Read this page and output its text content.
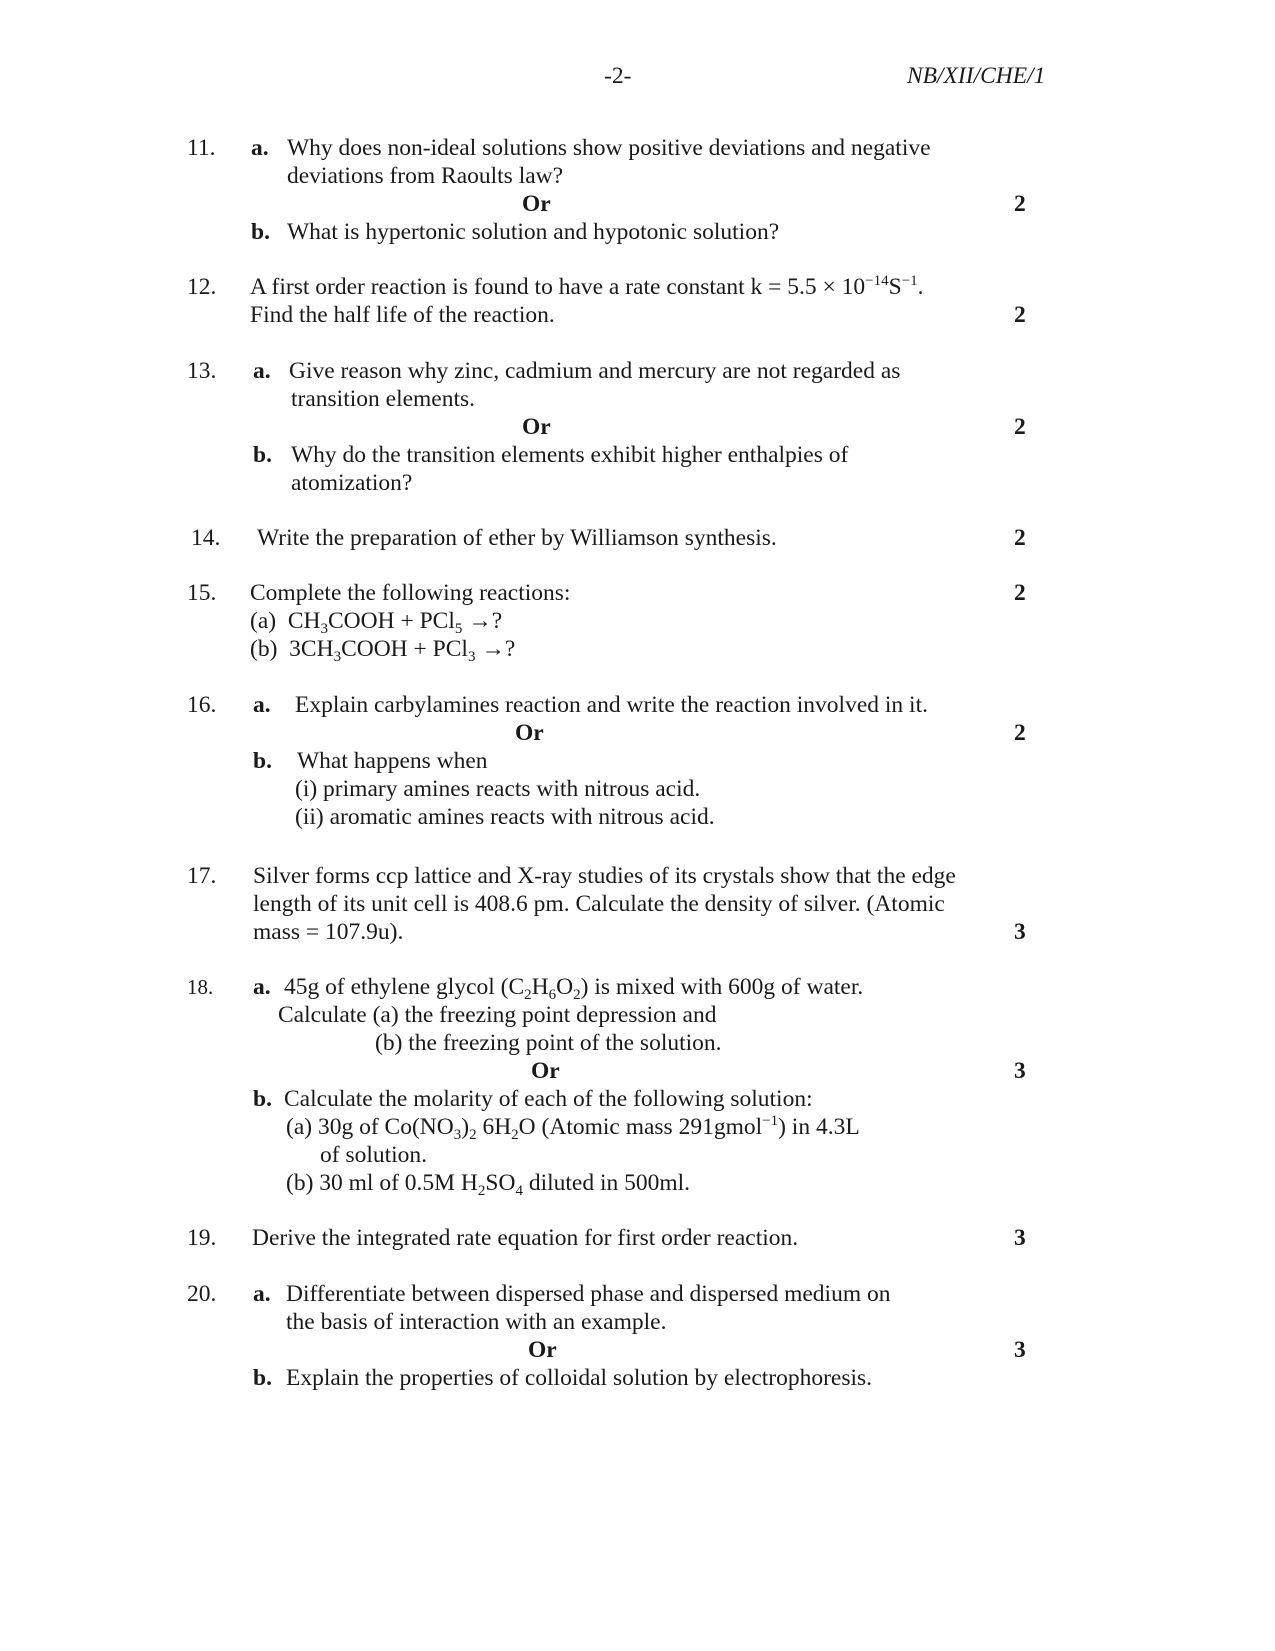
-2-	NB/XII/CHE/1
11. a. Why does non-ideal solutions show positive deviations and negative
deviations from Raoults law?
Or	2
b. What is hypertonic solution and hypotonic solution?
12. A first order reaction is found to have a rate constant $k = 5.5 \times 10^{-14}S^{-1}$.
Find the half life of the reaction.	2
13. a. Give reason why zinc, cadmium and mercury are not regarded as
transition elements.
Or	2
b. Why do the transition elements exhibit higher enthalpies of
atomization?
14. Write the preparation of ether by Williamson synthesis.	2
15. Complete the following reactions:	2
(a) $CH_3COOH + PCl_5$ →?
(b) $3CH_3COOH + PCl_3$ →?
16. a. Explain carbylamines reaction and write the reaction involved in it.
Or	2
b. What happens when
(i) primary amines reacts with nitrous acid.
(ii) aromatic amines reacts with nitrous acid.
17. Silver forms ccp lattice and X-ray studies of its crystals show that the edge
length of its unit cell is 408.6 pm. Calculate the density of silver. (Atomic
mass = 107.9u).	3
18. a. 45g of ethylene glycol $(C_2H_6O_2)$ is mixed with 600g of water.
Calculate (a) the freezing point depression and
(b) the freezing point of the solution.
Or	3
b. Calculate the molarity of each of the following solution:
(a) 30g of $Co(NO_3)_2$ $6H_2O$ (Atomic mass 291gmol$^{-1}$) in 4.3L
of solution.
(b) 30 ml of 0.5M $H_2SO_4$ diluted in 500ml.
19. Derive the integrated rate equation for first order reaction.	3
20. a. Differentiate between dispersed phase and dispersed medium on
the basis of interaction with an example.
Or	3
b. Explain the properties of colloidal solution by electrophoresis.
